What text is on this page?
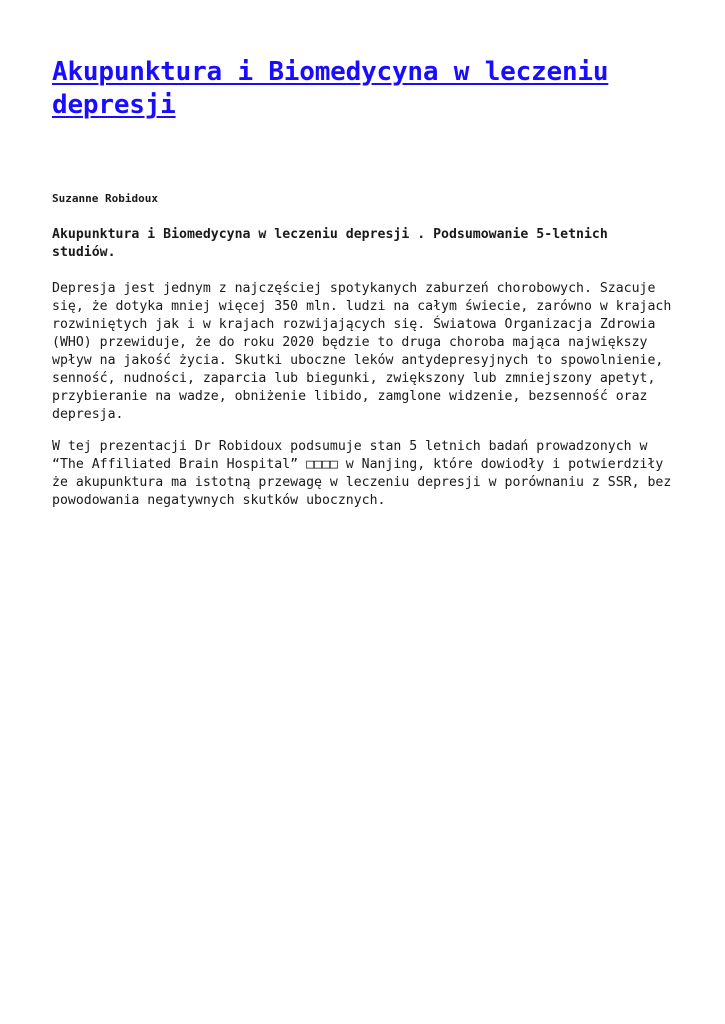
Akupunktura i Biomedycyna w leczeniu depresji

Suzanne Robidoux

Akupunktura i Biomedycyna w leczeniu depresji . Podsumowanie 5-letnich studiów.

Depresja jest jednym z najczęściej spotykanych zaburzeń chorobowych. Szacuje się, że dotyka mniej więcej 350 mln. ludzi na całym świecie, zarówno w krajach rozwiniętych jak i w krajach rozwijających się. Światowa Organizacja Zdrowia (WHO) przewiduje, że do roku 2020 będzie to druga choroba mająca największy wpływ na jakość życia. Skutki uboczne leków antydepresyjnych to spowolnienie, senność, nudności, zaparcia lub biegunki, zwiększony lub zmniejszony apetyt, przybieranie na wadze, obniżenie libido, zamglone widzenie, bezsenność oraz depresja.

W tej prezentacji Dr Robidoux podsumuje stan 5 letnich badań prowadzonych w “The Affiliated Brain Hospital” □□□□ w Nanjing, które dowiodły i potwierdziły że akupunktura ma istotną przewagę w leczeniu depresji w porównaniu z SSR, bez powodowania negatywnych skutków ubocznych.
